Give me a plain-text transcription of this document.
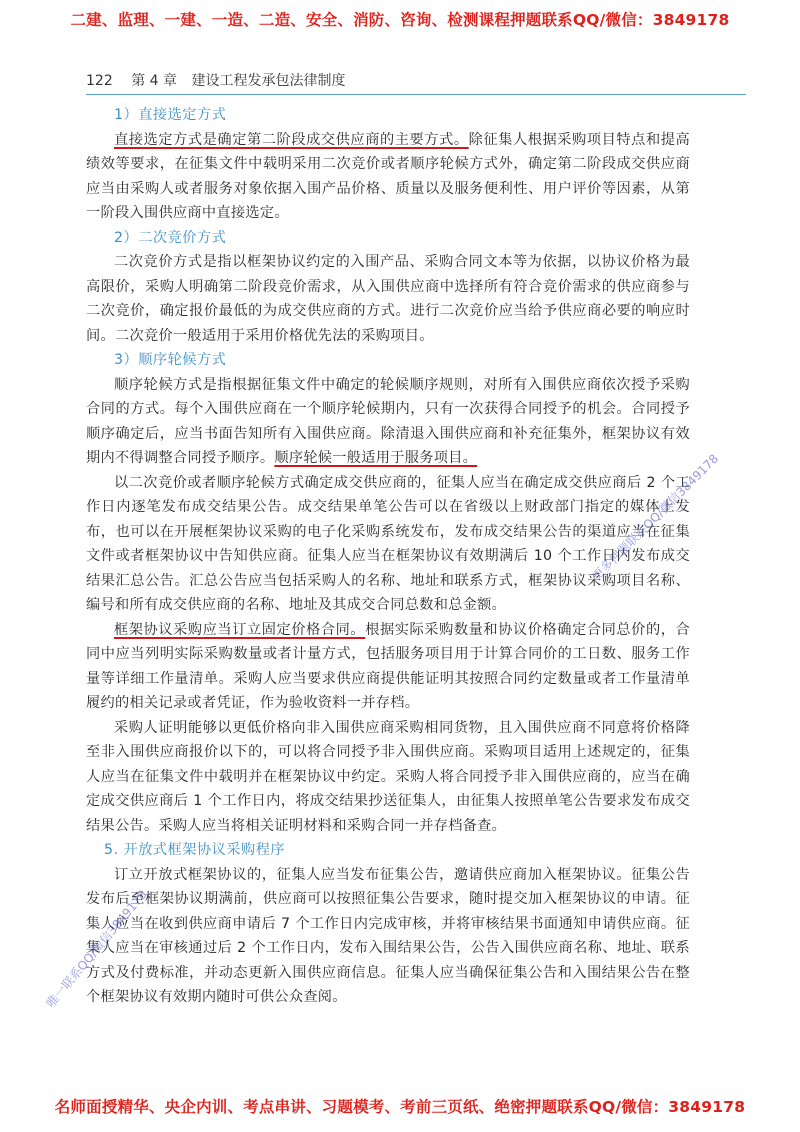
二建、监理、一建、一造、二造、安全、消防、咨询、检测课程押题联系QQ/微信：3849178
122 第 4 章 建设工程发承包法律制度
1）直接选定方式
直接选定方式是确定第二阶段成交供应商的主要方式。除征集人根据采购项目特点和提高绩效等要求，在征集文件中载明采用二次竞价或者顺序轮候方式外，确定第二阶段成交供应商应当由采购人或者服务对象依据入围产品价格、质量以及服务便利性、用户评价等因素，从第一阶段入围供应商中直接选定。
2）二次竞价方式
二次竞价方式是指以框架协议约定的入围产品、采购合同文本等为依据，以协议价格为最高限价，采购人明确第二阶段竞价需求，从入围供应商中选择所有符合竞价需求的供应商参与二次竞价，确定报价最低的为成交供应商的方式。进行二次竞价应当给予供应商必要的响应时间。二次竞价一般适用于采用价格优先法的采购项目。
3）顺序轮候方式
顺序轮候方式是指根据征集文件中确定的轮候顺序规则，对所有入围供应商依次授予采购合同的方式。每个入围供应商在一个顺序轮候期内，只有一次获得合同授予的机会。合同授予顺序确定后，应当书面告知所有入围供应商。除清退入围供应商和补充征集外，框架协议有效期内不得调整合同授予顺序。顺序轮候一般适用于服务项目。
以二次竞价或者顺序轮候方式确定成交供应商的，征集人应当在确定成交供应商后 2 个工作日内逐笔发布成交结果公告。成交结果单笔公告可以在省级以上财政部门指定的媒体上发布，也可以在开展框架协议采购的电子化采购系统发布，发布成交结果公告的渠道应当在征集文件或者框架协议中告知供应商。征集人应当在框架协议有效期满后 10 个工作日内发布成交结果汇总公告。汇总公告应当包括采购人的名称、地址和联系方式，框架协议采购项目名称、编号和所有成交供应商的名称、地址及其成交合同总数和总金额。
框架协议采购应当订立固定价格合同。根据实际采购数量和协议价格确定合同总价的，合同中应当列明实际采购数量或者计量方式，包括服务项目用于计算合同价的工日数、服务工作量等详细工作量清单。采购人应当要求供应商提供能证明其按照合同约定数量或者工作量清单履约的相关记录或者凭证，作为验收资料一并存档。
采购人证明能够以更低价格向非入围供应商采购相同货物，且入围供应商不同意将价格降至非入围供应商报价以下的，可以将合同授予非入围供应商。采购项目适用上述规定的，征集人应当在征集文件中载明并在框架协议中约定。采购人将合同授予非入围供应商的，应当在确定成交供应商后 1 个工作日内，将成交结果抄送征集人，由征集人按照单笔公告要求发布成交结果公告。采购人应当将相关证明材料和采购合同一并存档备查。
5. 开放式框架协议采购程序
订立开放式框架协议的，征集人应当发布征集公告，邀请供应商加入框架协议。征集公告发布后至框架协议期满前，供应商可以按照征集公告要求，随时提交加入框架协议的申请。征集人应当在收到供应商申请后 7 个工作日内完成审核，并将审核结果书面通知申请供应商。征集人应当在审核通过后 2 个工作日内，发布入围结果公告，公告入围供应商名称、地址、联系方式及付费标准，并动态更新入围供应商信息。征集人应当确保征集公告和入围结果公告在整个框架协议有效期内随时可供公众查阅。
更多押题联系QQ/微信3849178
唯一联系QQ/微信3849178
名师面授精华、央企内训、考点串讲、习题模考、考前三页纸、绝密押题联系QQ/微信：3849178
